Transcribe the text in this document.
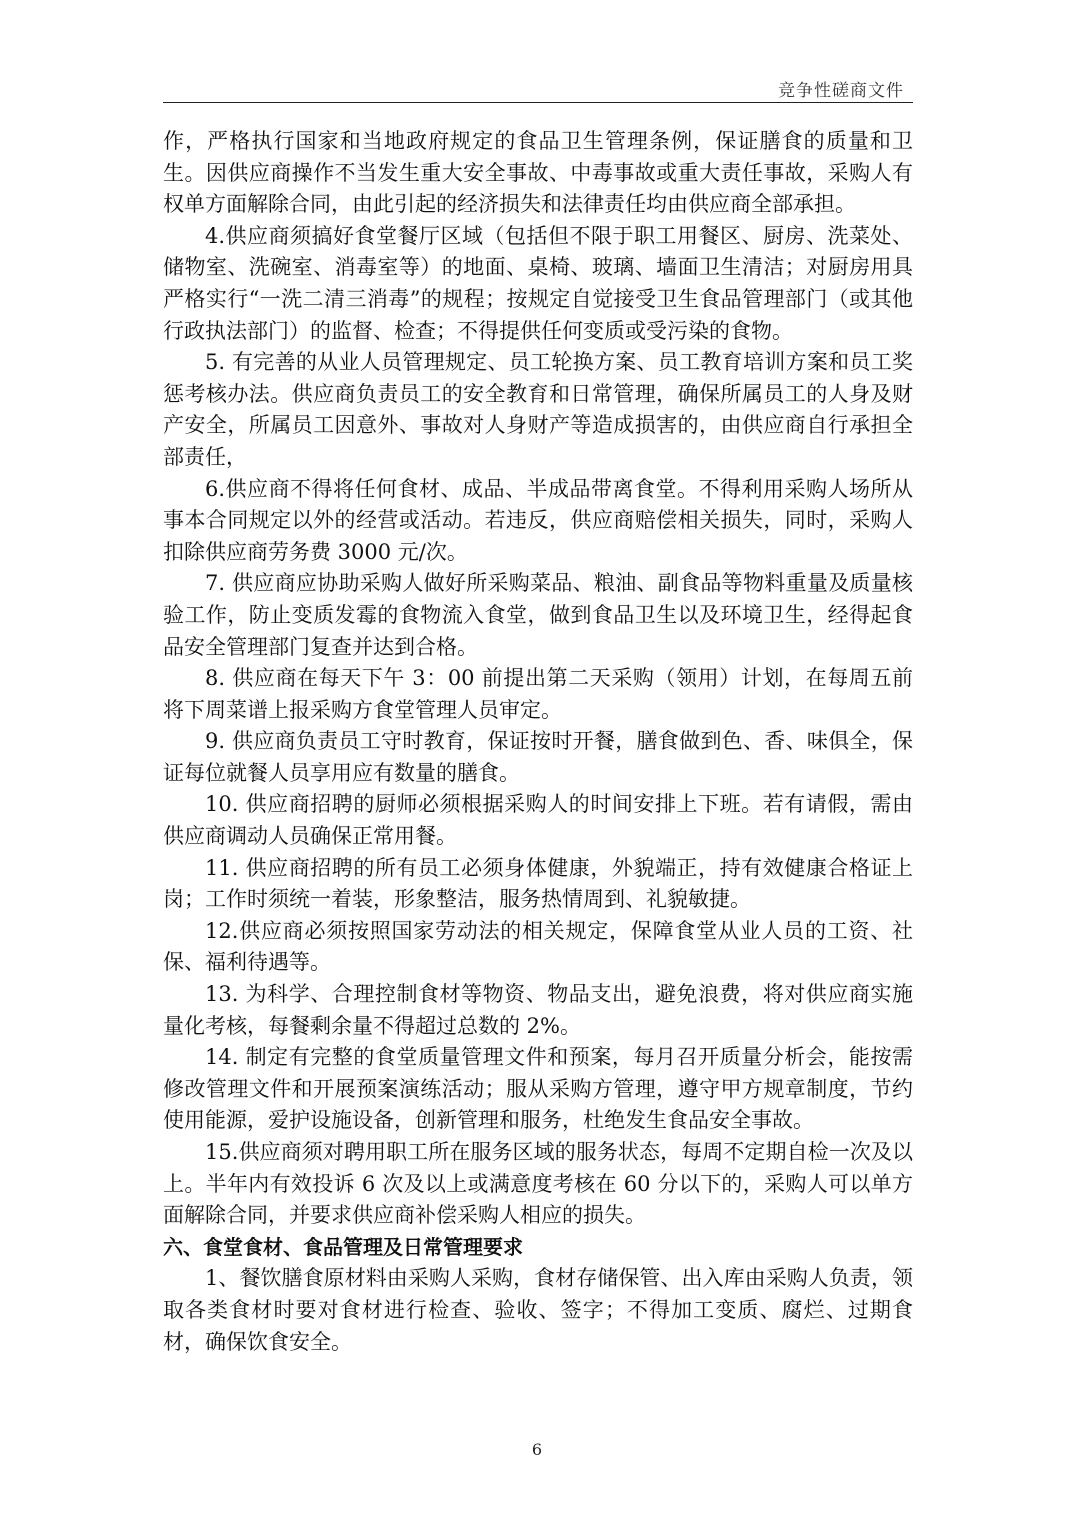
竞争性磋商文件

作，严格执行国家和当地政府规定的食品卫生管理条例，保证膳食的质量和卫生。因供应商操作不当发生重大安全事故、中毒事故或重大责任事故，采购人有权单方面解除合同，由此引起的经济损失和法律责任均由供应商全部承担。

4.供应商须搞好食堂餐厅区域（包括但不限于职工用餐区、厨房、洗菜处、储物室、洗碗室、消毒室等）的地面、桌椅、玻璃、墙面卫生清洁；对厨房用具严格实行“一洗二清三消毒”的规程；按规定自觉接受卫生食品管理部门（或其他行政执法部门）的监督、检查；不得提供任何变质或受污染的食物。

5. 有完善的从业人员管理规定、员工轮换方案、员工教育培训方案和员工奖惩考核办法。供应商负责员工的安全教育和日常管理，确保所属员工的人身及财产安全，所属员工因意外、事故对人身财产等造成损害的，由供应商自行承担全部责任，

6.供应商不得将任何食材、成品、半成品带离食堂。不得利用采购人场所从事本合同规定以外的经营或活动。若违反，供应商赔偿相关损失，同时，采购人扣除供应商劳务费 3000 元/次。

7. 供应商应协助采购人做好所采购菜品、粮油、副食品等物料重量及质量核验工作，防止变质发霉的食物流入食堂，做到食品卫生以及环境卫生，经得起食品安全管理部门复查并达到合格。

8. 供应商在每天下午 3：00 前提出第二天采购（领用）计划，在每周五前将下周菜谱上报采购方食堂管理人员审定。

9. 供应商负责员工守时教育，保证按时开餐，膳食做到色、香、味俱全，保证每位就餐人员享用应有数量的膳食。

10. 供应商招聘的厨师必须根据采购人的时间安排上下班。若有请假，需由供应商调动人员确保正常用餐。

11. 供应商招聘的所有员工必须身体健康，外貌端正，持有效健康合格证上岗；工作时须统一着装，形象整洁，服务热情周到、礼貌敏捷。

12.供应商必须按照国家劳动法的相关规定，保障食堂从业人员的工资、社保、福利待遇等。

13. 为科学、合理控制食材等物资、物品支出，避免浪费，将对供应商实施量化考核，每餐剩余量不得超过总数的 2%。

14. 制定有完整的食堂质量管理文件和预案，每月召开质量分析会，能按需修改管理文件和开展预案演练活动；服从采购方管理，遵守甲方规章制度，节约使用能源，爱护设施设备，创新管理和服务，杜绝发生食品安全事故。

15.供应商须对聘用职工所在服务区域的服务状态，每周不定期自检一次及以上。半年内有效投诉 6 次及以上或满意度考核在 60 分以下的，采购人可以单方面解除合同，并要求供应商补偿采购人相应的损失。

六、食堂食材、食品管理及日常管理要求

1、餐饮膳食原材料由采购人采购，食材存储保管、出入库由采购人负责，领取各类食材时要对食材进行检查、验收、签字；不得加工变质、腐烂、过期食材，确保饮食安全。

6
